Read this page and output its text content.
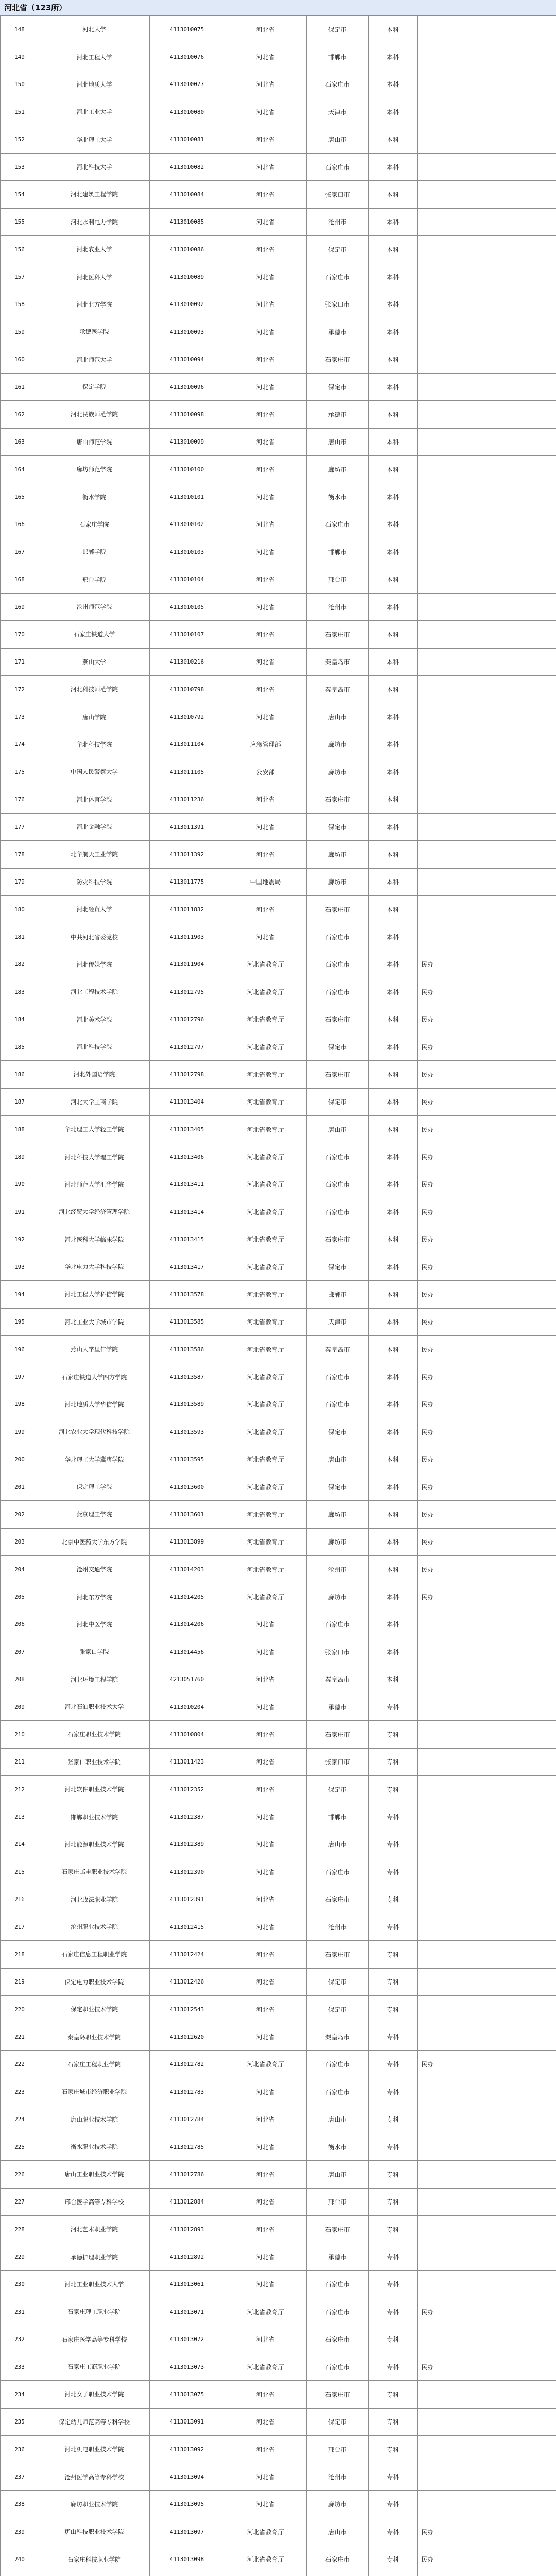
河北省（123所）
148	河北大学	4113010075	河北省	保定市	本科		
149	河北工程大学	4113010076	河北省	邯郸市	本科		
150	河北地质大学	4113010077	河北省	石家庄市	本科		
151	河北工业大学	4113010080	河北省	天津市	本科		
152	华北理工大学	4113010081	河北省	唐山市	本科		
153	河北科技大学	4113010082	河北省	石家庄市	本科		
154	河北建筑工程学院	4113010084	河北省	张家口市	本科		
155	河北水利电力学院	4113010085	河北省	沧州市	本科		
156	河北农业大学	4113010086	河北省	保定市	本科		
157	河北医科大学	4113010089	河北省	石家庄市	本科		
158	河北北方学院	4113010092	河北省	张家口市	本科		
159	承德医学院	4113010093	河北省	承德市	本科		
160	河北师范大学	4113010094	河北省	石家庄市	本科		
161	保定学院	4113010096	河北省	保定市	本科		
162	河北民族师范学院	4113010098	河北省	承德市	本科		
163	唐山师范学院	4113010099	河北省	唐山市	本科		
164	廊坊师范学院	4113010100	河北省	廊坊市	本科		
165	衡水学院	4113010101	河北省	衡水市	本科		
166	石家庄学院	4113010102	河北省	石家庄市	本科		
167	邯郸学院	4113010103	河北省	邯郸市	本科		
168	邢台学院	4113010104	河北省	邢台市	本科		
169	沧州师范学院	4113010105	河北省	沧州市	本科		
170	石家庄铁道大学	4113010107	河北省	石家庄市	本科		
171	燕山大学	4113010216	河北省	秦皇岛市	本科		
172	河北科技师范学院	4113010798	河北省	秦皇岛市	本科		
173	唐山学院	4113010792	河北省	唐山市	本科		
174	华北科技学院	4113011104	应急管理部	廊坊市	本科		
175	中国人民警察大学	4113011105	公安部	廊坊市	本科		
176	河北体育学院	4113011236	河北省	石家庄市	本科		
177	河北金融学院	4113011391	河北省	保定市	本科		
178	北华航天工业学院	4113011392	河北省	廊坊市	本科		
179	防灾科技学院	4113011775	中国地震局	廊坊市	本科		
180	河北经贸大学	4113011832	河北省	石家庄市	本科		
181	中共河北省委党校	4113011903	河北省	石家庄市	本科		
182	河北传媒学院	4113011904	河北省教育厅	石家庄市	本科	民办	
183	河北工程技术学院	4113012795	河北省教育厅	石家庄市	本科	民办	
184	河北美术学院	4113012796	河北省教育厅	石家庄市	本科	民办	
185	河北科技学院	4113012797	河北省教育厅	保定市	本科	民办	
186	河北外国语学院	4113012798	河北省教育厅	石家庄市	本科	民办	
187	河北大学工商学院	4113013404	河北省教育厅	保定市	本科	民办	
188	华北理工大学轻工学院	4113013405	河北省教育厅	唐山市	本科	民办	
189	河北科技大学理工学院	4113013406	河北省教育厅	石家庄市	本科	民办	
190	河北师范大学汇华学院	4113013411	河北省教育厅	石家庄市	本科	民办	
191	河北经贸大学经济管理学院	4113013414	河北省教育厅	石家庄市	本科	民办	
192	河北医科大学临床学院	4113013415	河北省教育厅	石家庄市	本科	民办	
193	华北电力大学科技学院	4113013417	河北省教育厅	保定市	本科	民办	
194	河北工程大学科信学院	4113013578	河北省教育厅	邯郸市	本科	民办	
195	河北工业大学城市学院	4113013585	河北省教育厅	天津市	本科	民办	
196	燕山大学里仁学院	4113013586	河北省教育厅	秦皇岛市	本科	民办	
197	石家庄铁道大学四方学院	4113013587	河北省教育厅	石家庄市	本科	民办	
198	河北地质大学华信学院	4113013589	河北省教育厅	石家庄市	本科	民办	
199	河北农业大学现代科技学院	4113013593	河北省教育厅	保定市	本科	民办	
200	华北理工大学冀唐学院	4113013595	河北省教育厅	唐山市	本科	民办	
201	保定理工学院	4113013600	河北省教育厅	保定市	本科	民办	
202	燕京理工学院	4113013601	河北省教育厅	廊坊市	本科	民办	
203	北京中医药大学东方学院	4113013899	河北省教育厅	廊坊市	本科	民办	
204	沧州交通学院	4113014203	河北省教育厅	沧州市	本科	民办	
205	河北东方学院	4113014205	河北省教育厅	廊坊市	本科	民办	
206	河北中医学院	4113014206	河北省	石家庄市	本科		
207	张家口学院	4113014456	河北省	张家口市	本科		
208	河北环境工程学院	4213051760	河北省	秦皇岛市	本科		
209	河北石油职业技术大学	4113010204	河北省	承德市	专科		
210	石家庄职业技术学院	4113010804	河北省	石家庄市	专科		
211	张家口职业技术学院	4113011423	河北省	张家口市	专科		
212	河北软件职业技术学院	4113012352	河北省	保定市	专科		
213	邯郸职业技术学院	4113012387	河北省	邯郸市	专科		
214	河北能源职业技术学院	4113012389	河北省	唐山市	专科		
215	石家庄邮电职业技术学院	4113012390	河北省	石家庄市	专科		
216	河北政法职业学院	4113012391	河北省	石家庄市	专科		
217	沧州职业技术学院	4113012415	河北省	沧州市	专科		
218	石家庄信息工程职业学院	4113012424	河北省	石家庄市	专科		
219	保定电力职业技术学院	4113012426	河北省	保定市	专科		
220	保定职业技术学院	4113012543	河北省	保定市	专科		
221	秦皇岛职业技术学院	4113012620	河北省	秦皇岛市	专科		
222	石家庄工程职业学院	4113012782	河北省教育厅	石家庄市	专科	民办	
223	石家庄城市经济职业学院	4113012783	河北省	石家庄市	专科		
224	唐山职业技术学院	4113012784	河北省	唐山市	专科		
225	衡水职业技术学院	4113012785	河北省	衡水市	专科		
226	唐山工业职业技术学院	4113012786	河北省	唐山市	专科		
227	邢台医学高等专科学校	4113012884	河北省	邢台市	专科		
228	河北艺术职业学院	4113012893	河北省	石家庄市	专科		
229	承德护理职业学院	4113012892	河北省	承德市	专科		
230	河北工业职业技术大学	4113013061	河北省	石家庄市	专科		
231	石家庄理工职业学院	4113013071	河北省教育厅	石家庄市	专科	民办	
232	石家庄医学高等专科学校	4113013072	河北省	石家庄市	专科		
233	石家庄工商职业学院	4113013073	河北省教育厅	石家庄市	专科	民办	
234	河北女子职业技术学院	4113013075	河北省	石家庄市	专科		
235	保定幼儿师范高等专科学校	4113013091	河北省	保定市	专科		
236	河北机电职业技术学院	4113013092	河北省	邢台市	专科		
237	沧州医学高等专科学校	4113013094	河北省	沧州市	专科		
238	廊坊职业技术学院	4113013095	河北省	廊坊市	专科		
239	唐山科技职业技术学院	4113013097	河北省教育厅	唐山市	专科	民办	
240	石家庄科技职业学院	4113013098	河北省教育厅	石家庄市	专科	民办	
